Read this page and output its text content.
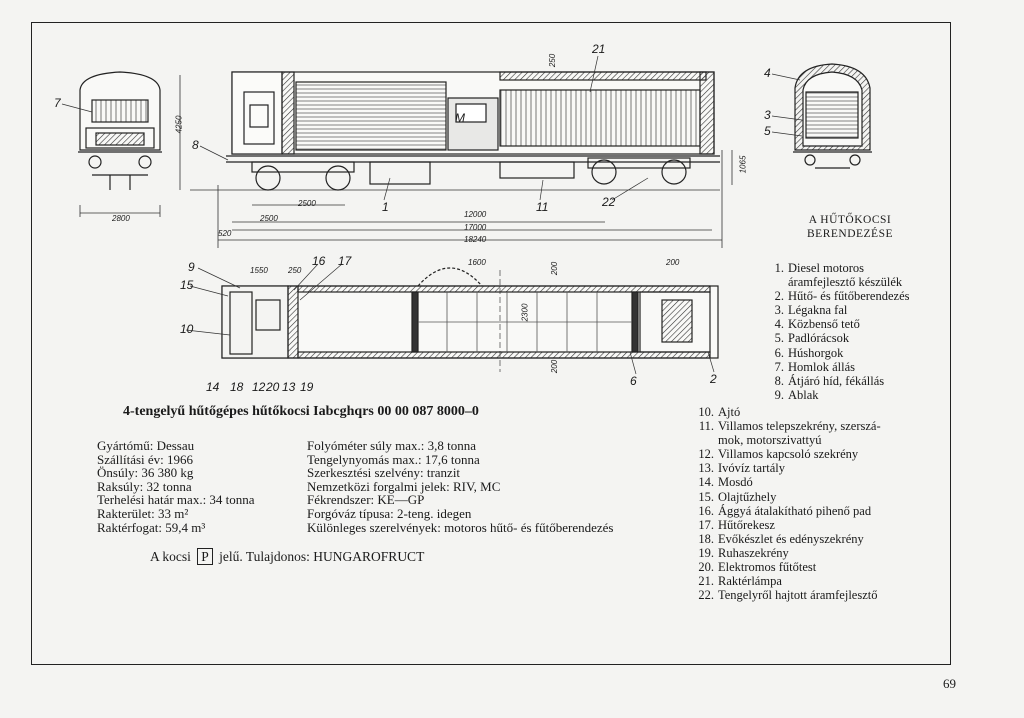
M
4250
2800
2500
2500
520
12000
17000
18240
1065
250
1550	250
1600	200	200
200
2300
7
8
1	11	22
21
4
3
5
9
15
10
16 17
14 18 12 20 13 19	6	2
4-tengelyű hűtőgépes hűtőkocsi Iabcghqrs 00 00 087 8000–0
Gyártómű: Dessau
Szállítási év: 1966
Önsúly: 36 380 kg
Raksúly: 32 tonna
Terhelési határ max.: 34 tonna
Rakterület: 33 m²
Raktérfogat: 59,4 m³
Folyóméter súly max.: 3,8 tonna
Tengelynyomás max.: 17,6 tonna
Szerkesztési szelvény: tranzit
Nemzetközi forgalmi jelek: RIV, MC
Fékrendszer: KE—GP
Forgóváz típusa: 2-teng. idegen
Különleges szerelvények: motoros hűtő- és fűtőberendezés
A kocsi P jelű. Tulajdonos: HUNGAROFRUCT
A HŰTŐKOCSI BERENDEZÉSE
1. Diesel motoros
áramfejlesztő készülék
2. Hűtő- és fűtőberendezés
3. Légakna fal
4. Közbenső tető
5. Padlórácsok
6. Húshorgok
7. Homlok állás
8. Átjáró híd, fékállás
9. Ablak
10. Ajtó
11. Villamos telepszekrény, szerszá-
mok, motorszivattyú
12. Villamos kapcsoló szekrény
13. Ivóvíz tartály
14. Mosdó
15. Olajtűzhely
16. Ággyá átalakítható pihenő pad
17. Hűtőrekesz
18. Evőkészlet és edényszekrény
19. Ruhaszekrény
20. Elektromos fűtőtest
21. Raktérlámpa
22. Tengelyről hajtott áramfejlesztő
69
